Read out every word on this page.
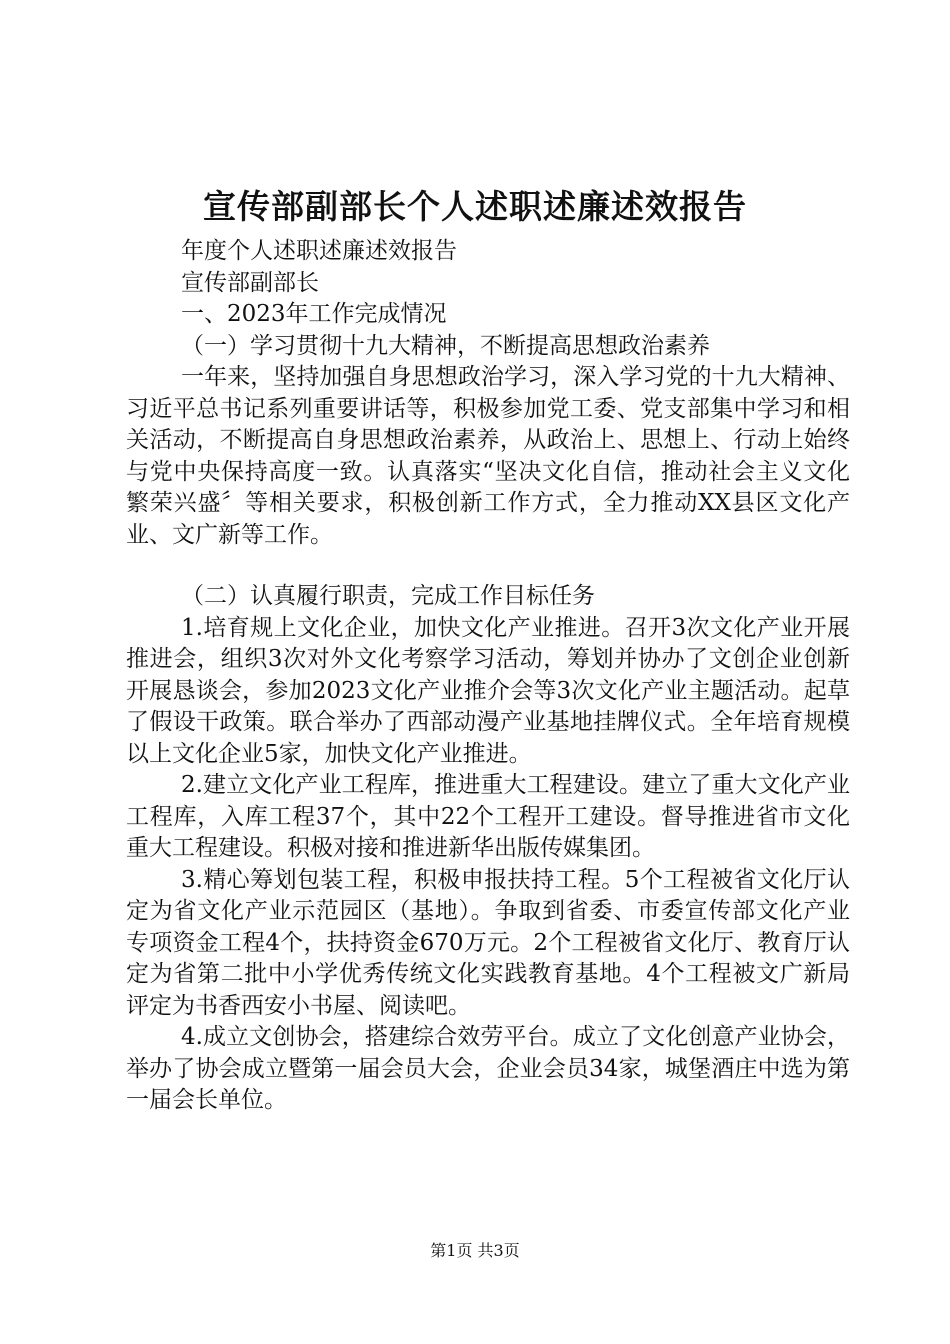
宣传部副部长个人述职述廉述效报告

年度个人述职述廉述效报告

宣传部副部长

一、2023年工作完成情况

（一）学习贯彻十九大精神，不断提高思想政治素养

一年来，坚持加强自身思想政治学习，深入学习党的十九大精神、习近平总书记系列重要讲话等，积极参加党工委、党支部集中学习和相关活动，不断提高自身思想政治素养，从政治上、思想上、行动上始终与党中央保持高度一致。认真落实“坚决文化自信，推动社会主义文化繁荣兴盛〞等相关要求，积极创新工作方式，全力推动XX县区文化产业、文广新等工作。

（二）认真履行职责，完成工作目标任务

1.培育规上文化企业，加快文化产业推进。召开3次文化产业开展推进会，组织3次对外文化考察学习活动，筹划并协办了文创企业创新开展恳谈会，参加2023文化产业推介会等3次文化产业主题活动。起草了假设干政策。联合举办了西部动漫产业基地挂牌仪式。全年培育规模以上文化企业5家，加快文化产业推进。

2.建立文化产业工程库，推进重大工程建设。建立了重大文化产业工程库，入库工程37个，其中22个工程开工建设。督导推进省市文化重大工程建设。积极对接和推进新华出版传媒集团。

3.精心筹划包装工程，积极申报扶持工程。5个工程被省文化厅认定为省文化产业示范园区（基地）。争取到省委、市委宣传部文化产业专项资金工程4个，扶持资金670万元。2个工程被省文化厅、教育厅认定为省第二批中小学优秀传统文化实践教育基地。4个工程被文广新局评定为书香西安小书屋、阅读吧。

4.成立文创协会，搭建综合效劳平台。成立了文化创意产业协会，举办了协会成立暨第一届会员大会，企业会员34家，城堡酒庄中选为第一届会长单位。

第1页 共3页
